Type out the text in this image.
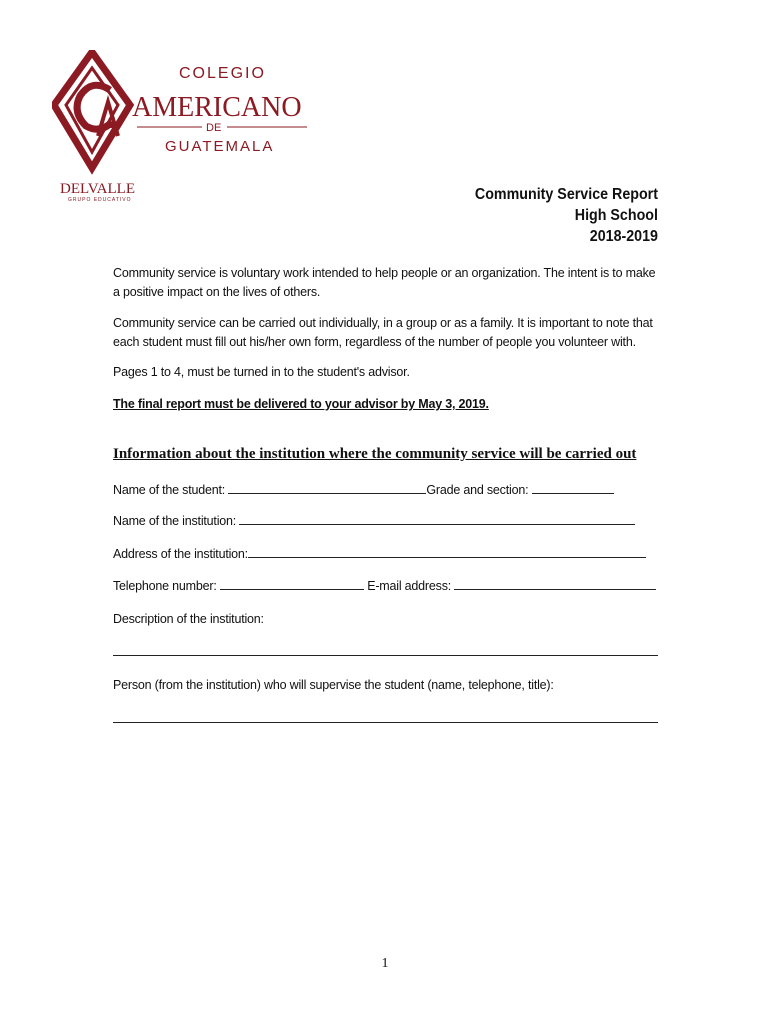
COLEGIO
AMERICANO
DE
GUATEMALA
DELVALLE
GRUPO EDUCATIVO	Community Service Report
High School
2018-2019
Community service is voluntary work intended to help people or an organization. The intent is to make a positive impact on the lives of others.
Community service can be carried out individually, in a group or as a family. It is important to note that each student must fill out his/her own form, regardless of the number of people you volunteer with.
Pages 1 to 4, must be turned in to the student's advisor.
The final report must be delivered to your advisor by May 3, 2019.
Information about the institution where the community service will be carried out
Name of the student:	Grade and section:
Name of the institution:
Address of the institution:
Telephone number:	E-mail address:
Description of the institution:
Person (from the institution) who will supervise the student (name, telephone, title):
1
